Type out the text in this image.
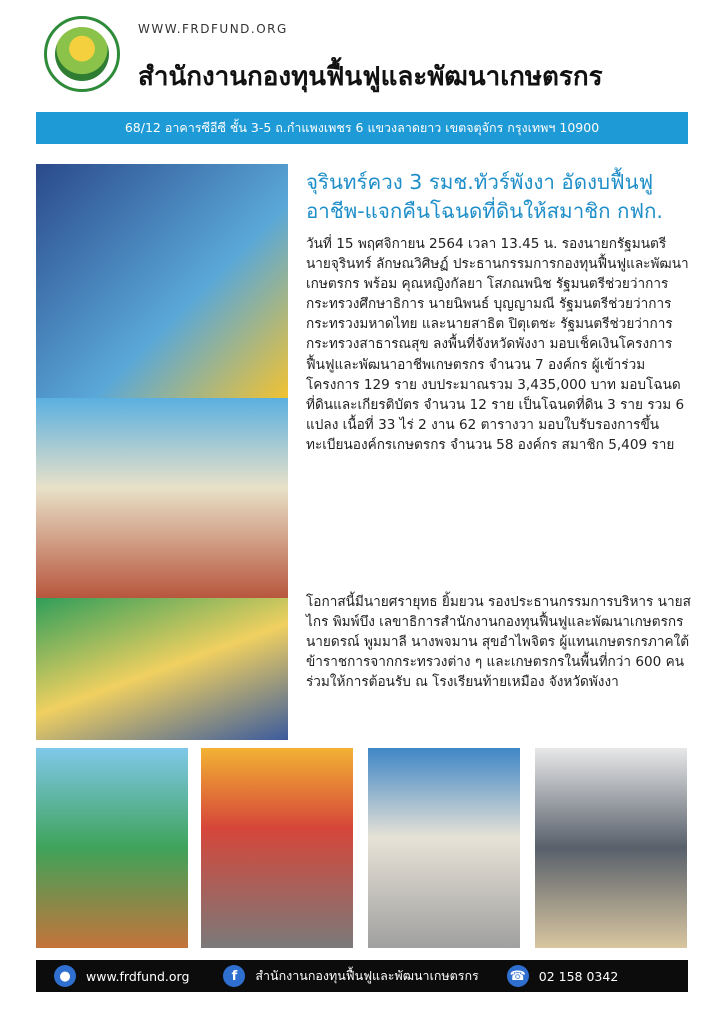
WWW.FRDFUND.ORG
สำนักงานกองทุนฟื้นฟูและพัฒนาเกษตรกร
68/12 อาคารซีอีซี ชั้น 3-5 ถ.กำแพงเพชร 6 แขวงลาดยาว เขตจตุจักร กรุงเทพฯ 10900
จุรินทร์ควง 3 รมช.ทัวร์พังงา อัดงบฟื้นฟู
อาชีพ-แจกคืนโฉนดที่ดินให้สมาชิก กฟก.
วันที่ 15 พฤศจิกายน 2564 เวลา 13.45 น. รองนายกรัฐมนตรี นายจุรินทร์ ลักษณวิศิษฏ์ ประธานกรรมการกองทุนฟื้นฟูและพัฒนาเกษตรกร พร้อม คุณหญิงกัลยา โสภณพนิช รัฐมนตรีช่วยว่าการกระทรวงศึกษาธิการ นายนิพนธ์ บุญญามณี รัฐมนตรีช่วยว่าการกระทรวงมหาดไทย และนายสาธิต ปิตุเตชะ รัฐมนตรีช่วยว่าการกระทรวงสาธารณสุข ลงพื้นที่จังหวัดพังงา มอบเช็คเงินโครงการฟื้นฟูและพัฒนาอาชีพเกษตรกร จำนวน 7 องค์กร ผู้เข้าร่วมโครงการ 129 ราย งบประมาณรวม 3,435,000 บาท มอบโฉนดที่ดินและเกียรติบัตร จำนวน 12 ราย เป็นโฉนดที่ดิน 3 ราย รวม 6 แปลง เนื้อที่ 33 ไร่ 2 งาน 62 ตารางวา มอบใบรับรองการขึ้นทะเบียนองค์กรเกษตรกร จำนวน 58 องค์กร สมาชิก 5,409 ราย
โอกาสนี้มีนายศรายุทธ ยิ้มยวน รองประธานกรรมการบริหาร นายสไกร พิมพ์บึง เลขาธิการสำนักงานกองทุนฟื้นฟูและพัฒนาเกษตรกร นายดรณ์ พูมมาลี นางพจมาน สุขอำไพจิตร ผู้แทนเกษตรกรภาคใต้ ข้าราชการจากกระทรวงต่าง ๆ และเกษตรกรในพื้นที่กว่า 600 คน ร่วมให้การต้อนรับ ณ โรงเรียนท้ายเหมือง จังหวัดพังงา
●	www.frdfund.org	f	สำนักงานกองทุนฟื้นฟูและพัฒนาเกษตรกร ☎ 02 158 0342
